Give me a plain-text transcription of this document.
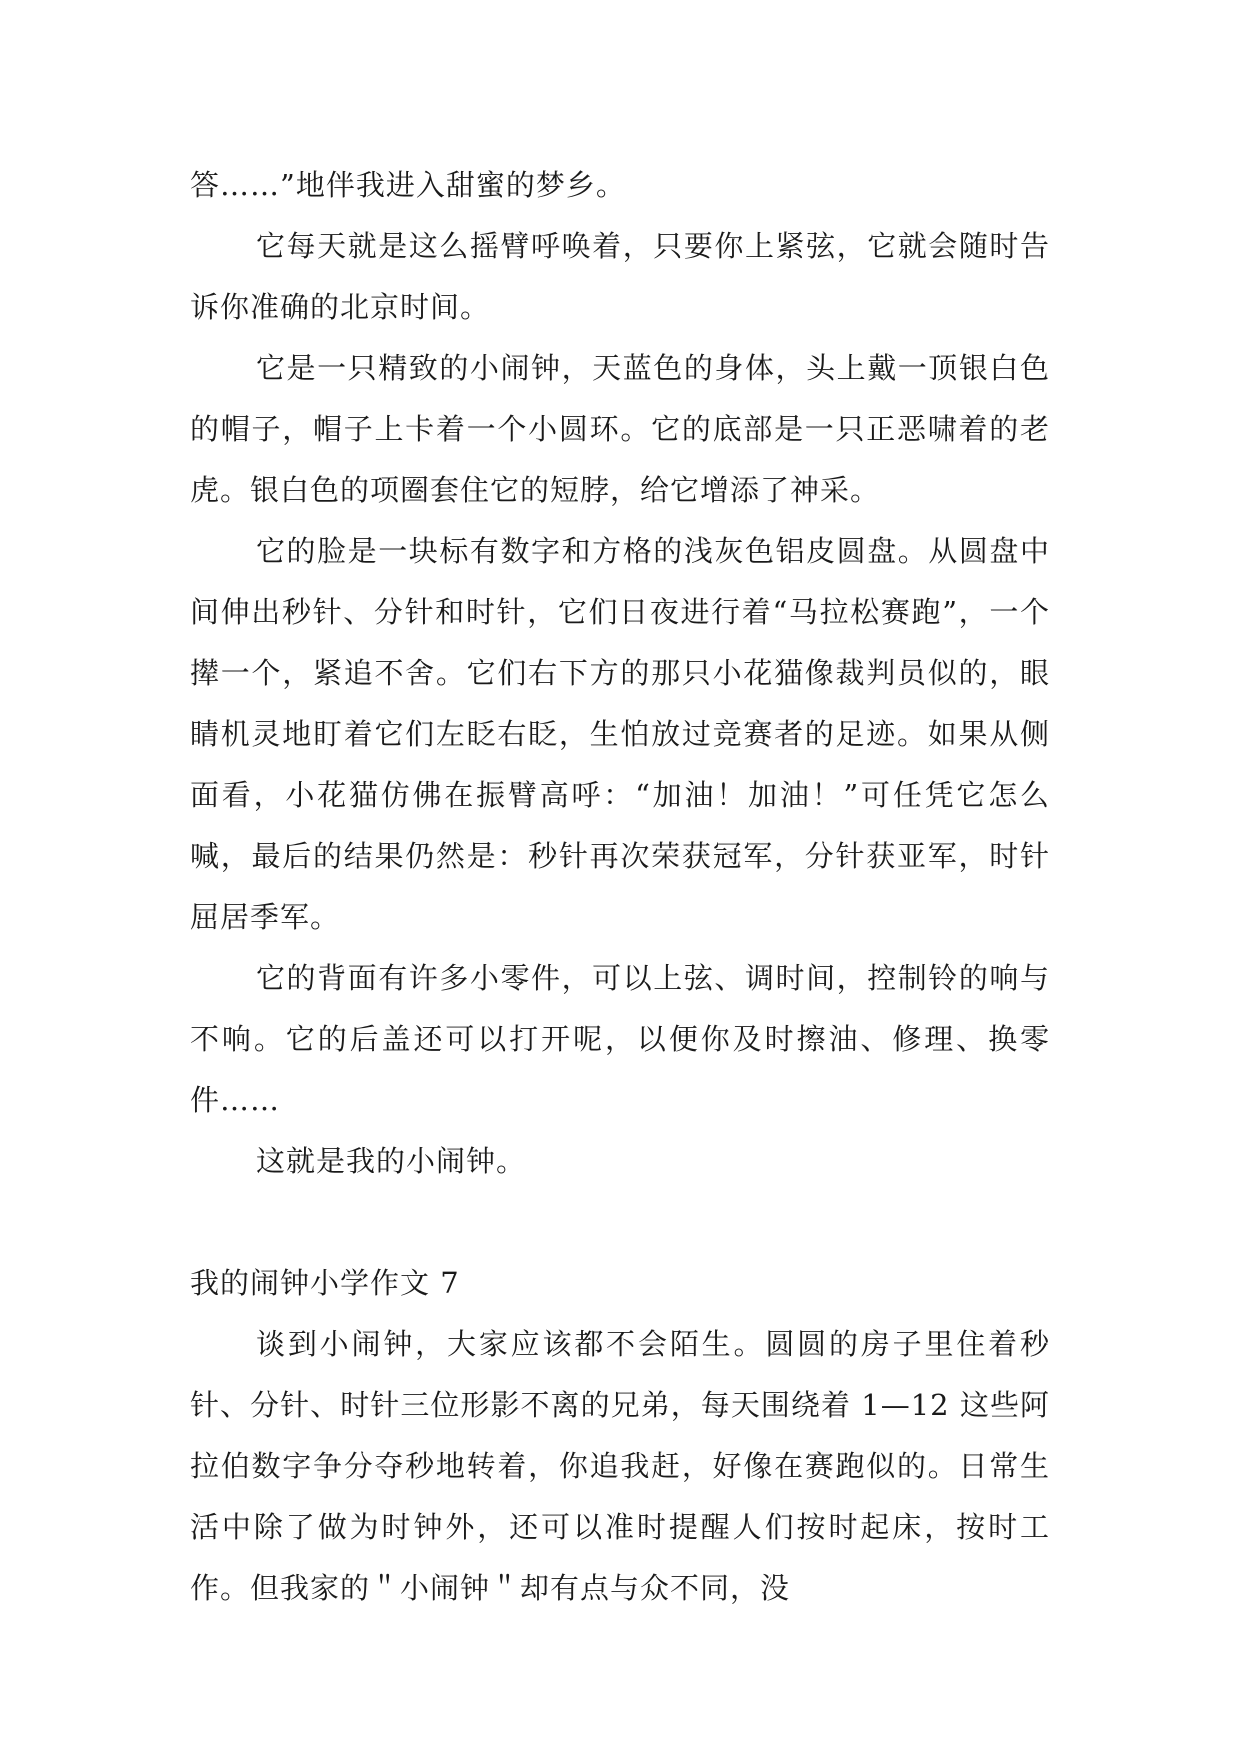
答……”地伴我进入甜蜜的梦乡。

它每天就是这么摇臂呼唤着，只要你上紧弦，它就会随时告诉你准确的北京时间。

它是一只精致的小闹钟，天蓝色的身体，头上戴一顶银白色的帽子，帽子上卡着一个小圆环。它的底部是一只正恶啸着的老虎。银白色的项圈套住它的短脖，给它增添了神采。

它的脸是一块标有数字和方格的浅灰色铝皮圆盘。从圆盘中间伸出秒针、分针和时针，它们日夜进行着“马拉松赛跑”，一个撵一个，紧追不舍。它们右下方的那只小花猫像裁判员似的，眼睛机灵地盯着它们左眨右眨，生怕放过竞赛者的足迹。如果从侧面看，小花猫仿佛在振臂高呼：“加油！加油！”可任凭它怎么喊，最后的结果仍然是：秒针再次荣获冠军，分针获亚军，时针屈居季军。

它的背面有许多小零件，可以上弦、调时间，控制铃的响与不响。它的后盖还可以打开呢，以便你及时擦油、修理、换零件……

这就是我的小闹钟。

我的闹钟小学作文 7

谈到小闹钟，大家应该都不会陌生。圆圆的房子里住着秒针、分针、时针三位形影不离的兄弟，每天围绕着 1—12 这些阿拉伯数字争分夺秒地转着，你追我赶，好像在赛跑似的。日常生活中除了做为时钟外，还可以准时提醒人们按时起床，按时工作。但我家的＂小闹钟＂却有点与众不同，没
